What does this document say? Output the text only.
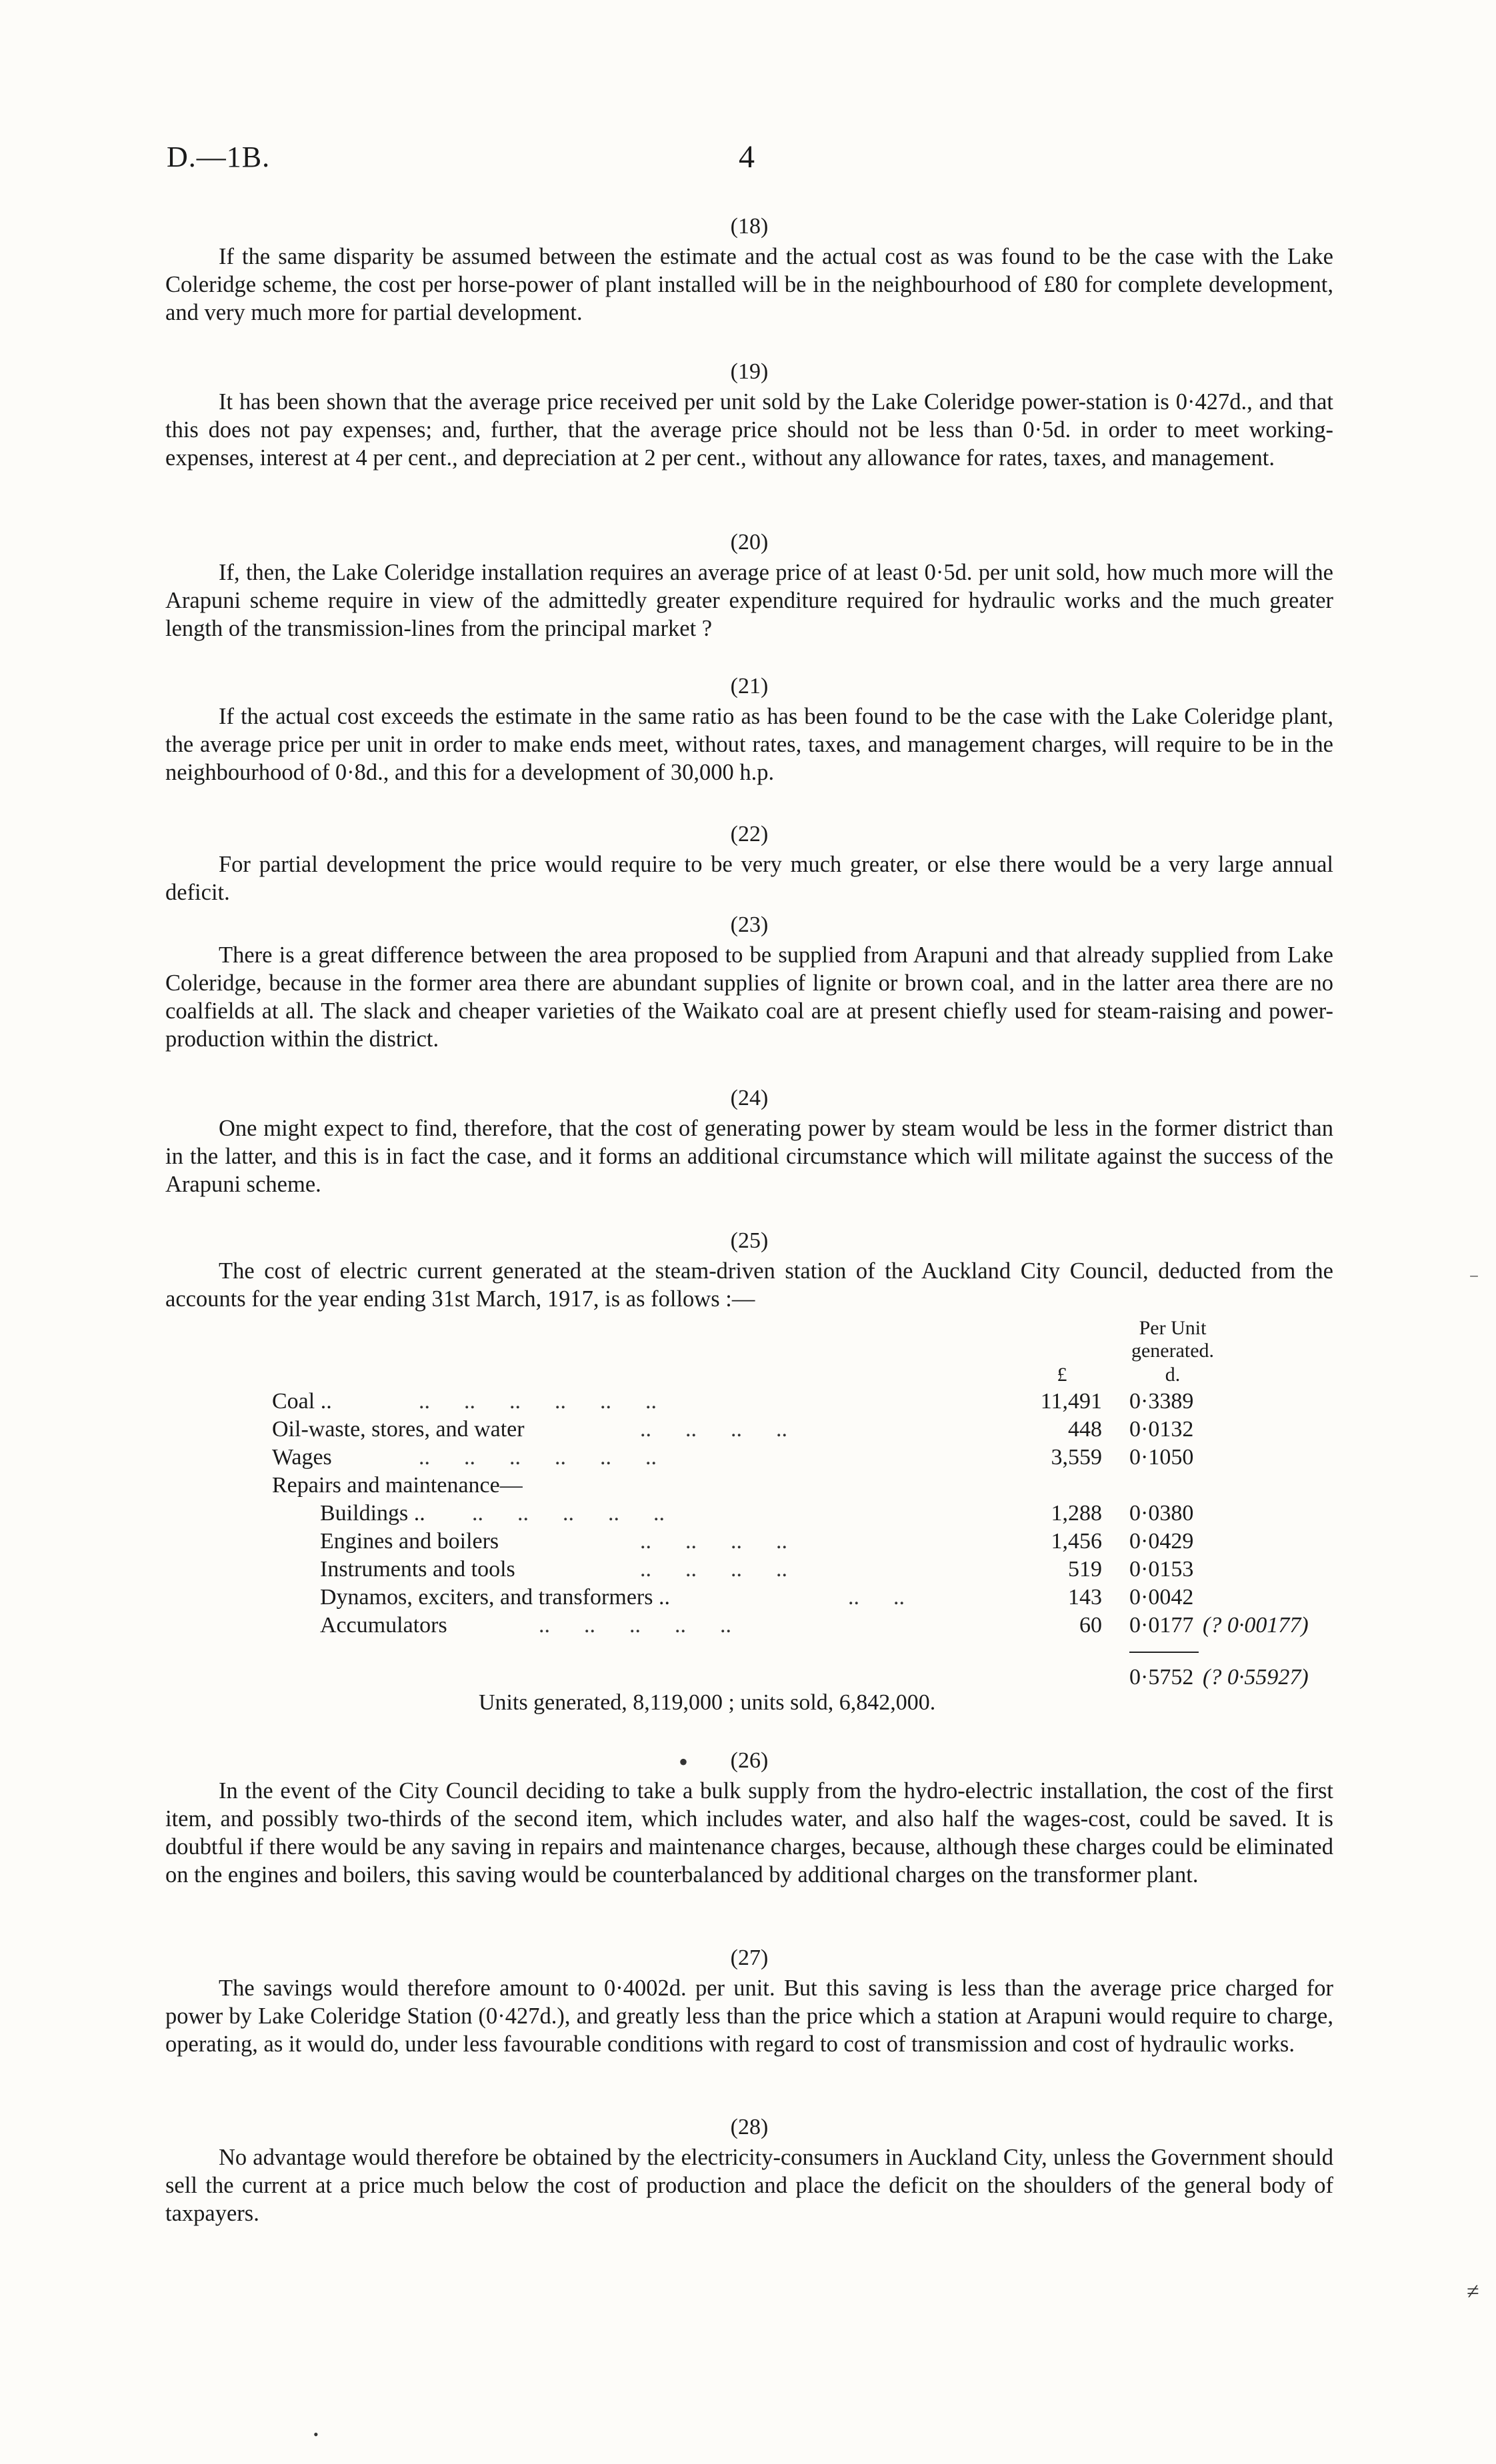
D.—1B.	4
(18)

If the same disparity be assumed between the estimate and the actual cost as was found to be the case with the Lake Coleridge scheme, the cost per horse-power of plant installed will be in the neighbourhood of £80 for complete development, and very much more for partial development.

(19)

It has been shown that the average price received per unit sold by the Lake Coleridge power-station is 0·427d., and that this does not pay expenses; and, further, that the average price should not be less than 0·5d. in order to meet working-expenses, interest at 4 per cent., and depreciation at 2 per cent., without any allowance for rates, taxes, and management.

(20)

If, then, the Lake Coleridge installation requires an average price of at least 0·5d. per unit sold, how much more will the Arapuni scheme require in view of the admittedly greater expenditure required for hydraulic works and the much greater length of the transmission-lines from the principal market ?

(21)

If the actual cost exceeds the estimate in the same ratio as has been found to be the case with the Lake Coleridge plant, the average price per unit in order to make ends meet, without rates, taxes, and management charges, will require to be in the neighbourhood of 0·8d., and this for a development of 30,000 h.p.

(22)

For partial development the price would require to be very much greater, or else there would be a very large annual deficit.

(23)

There is a great difference between the area proposed to be supplied from Arapuni and that already supplied from Lake Coleridge, because in the former area there are abundant supplies of lignite or brown coal, and in the latter area there are no coalfields at all. The slack and cheaper varieties of the Waikato coal are at present chiefly used for steam-raising and power-production within the district.

(24)

One might expect to find, therefore, that the cost of generating power by steam would be less in the former district than in the latter, and this is in fact the case, and it forms an additional circumstance which will militate against the success of the Arapuni scheme.

(25)

The cost of electric current generated at the steam-driven station of the Auckland City Council, deducted from the accounts for the year ending 31st March, 1917, is as follows :—

Per Unit
generated.
£	d.
Coal ..	..      ..      ..      ..      ..      ..	11,491 0·3389
Oil-waste, stores, and water	..      ..      ..      ..	448 0·0132
Wages	..      ..      ..      ..      ..      ..	3,559 0·1050
Repairs and maintenance—
Buildings .. ..      ..      ..      ..      ..	1,288 0·0380
Engines and boilers	..      ..      ..      ..	1,456 0·0429
Instruments and tools	..      ..      ..      ..	519 0·0153
Dynamos, exciters, and transformers ..	..      ..	143 0·0042
Accumulators	..      ..      ..      ..      ..	60 0·0177 (? 0·00177)
0·5752 (? 0·55927)
Units generated, 8,119,000 ; units sold, 6,842,000.
(26)

In the event of the City Council deciding to take a bulk supply from the hydro-electric installation, the cost of the first item, and possibly two-thirds of the second item, which includes water, and also half the wages-cost, could be saved. It is doubtful if there would be any saving in repairs and maintenance charges, because, although these charges could be eliminated on the engines and boilers, this saving would be counterbalanced by additional charges on the transformer plant.

•
(27)

The savings would therefore amount to 0·4002d. per unit. But this saving is less than the average price charged for power by Lake Coleridge Station (0·427d.), and greatly less than the price which a station at Arapuni would require to charge, operating, as it would do, under less favourable conditions with regard to cost of transmission and cost of hydraulic works.

(28)

No advantage would therefore be obtained by the electricity-consumers in Auckland City, unless the Government should sell the current at a price much below the cost of production and place the deficit on the shoulders of the general body of taxpayers.

‾
≠
•
